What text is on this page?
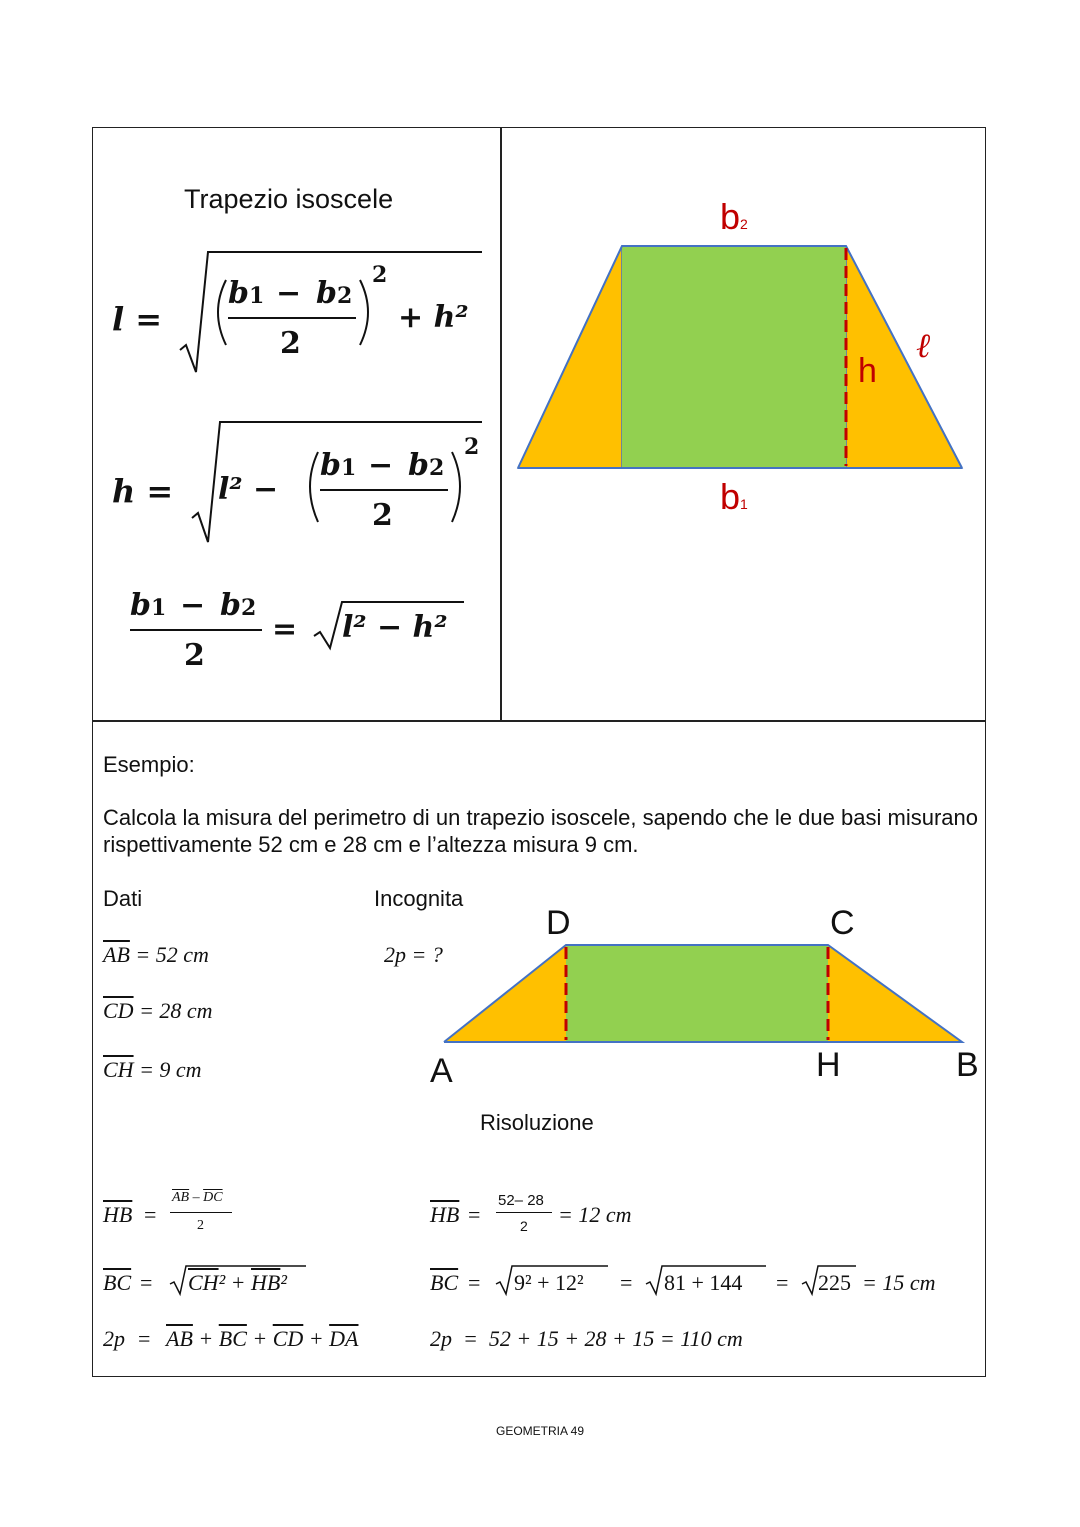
Trapezio isoscele
l =
b1 − b2
2
2
+ h²
h = l² −
b1 − b2
2
2
b1 − b2
2
= l² − h²
b2
b1
h
ℓ
Esempio:
Calcola la misura del perimetro di un trapezio isoscele, sapendo che le due basi misurano rispettivamente 52 cm e 28 cm e l’altezza misura 9 cm.
Dati	Incognita
$\overline{AB} = 52$ cm
$\overline{CD} = 28$ cm
$\overline{CH} = 9$ cm
2p = ?
D	C
A	H	B
Risoluzione
$\overline{HB}$ =
$\overline{AB} - \overline{DC}$
2
$\overline{BC} = \overline{CH}^2 + \overline{HB}^2$
$2p = \overline{AB} + \overline{BC} + \overline{CD} + \overline{DA}$
$\overline{HB}$ =
52– 28
2 = 12 cm
$\overline{BC} = 9^2 + 12^2 = 81 + 144 = 225 = 15$ cm
2p  =  52 + 15 + 28 + 15 = 110 cm
GEOMETRIA 49
